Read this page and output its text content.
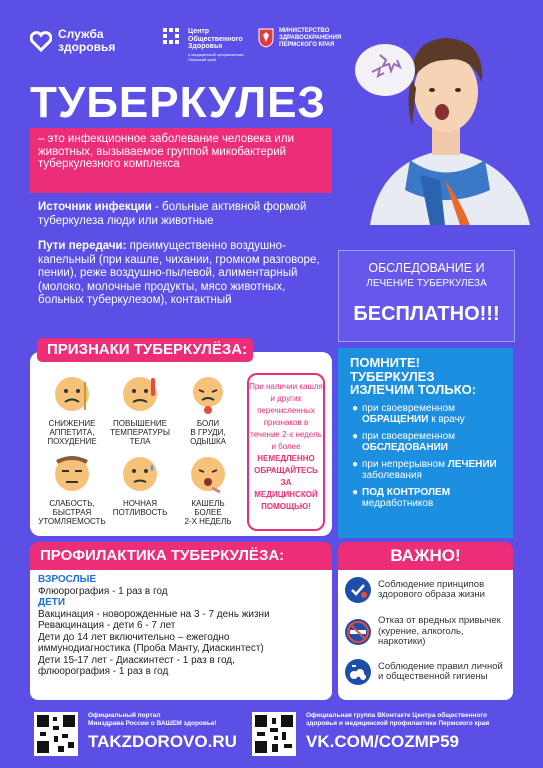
Служба
здоровья
Центр
Общественного
Здоровья
и медицинской профилактики Пермский край
МИНИСТЕРСТВО
ЗДРАВООХРАНЕНИЯ
ПЕРМСКОГО КРАЯ
ТУБЕРКУЛЕЗ
– это инфекционное заболевание человека или животных, вызываемое группой микобактерий туберкулезного комплекса
Источник инфекции - больные активной формой туберкулеза люди или животные
Пути передачи: преимущественно воздушно-капельный (при кашле, чихании, громком разговоре, пении), реже воздушно-пылевой, алиментарный (молоко, молочные продукты, мясо животных, больных туберкулезом), контактный
ОБСЛЕДОВАНИЕ И
ЛЕЧЕНИЕ ТУБЕРКУЛЕЗА
БЕСПЛАТНО!!!
ПРИЗНАКИ ТУБЕРКУЛЁЗА:
СНИЖЕНИЕ
АППЕТИТА,
ПОХУДЕНИЕ
ПОВЫШЕНИЕ
ТЕМПЕРАТУРЫ
ТЕЛА
БОЛИ
В ГРУДИ,
ОДЫШКА
СЛАБОСТЬ,
БЫСТРАЯ
УТОМЛЯЕМОСТЬ
НОЧНАЯ
ПОТЛИВОСТЬ
КАШЕЛЬ
БОЛЕЕ
2-Х НЕДЕЛЬ
При наличии кашля и других перечисленных признаков в течение 2-х недель и более
НЕМЕДЛЕННО ОБРАЩАЙТЕСЬ ЗА МЕДИЦИНСКОЙ ПОМОЩЬЮ!
ПОМНИТЕ!
ТУБЕРКУЛЕЗ
ИЗЛЕЧИМ ТОЛЬКО:
● при своевременном ОБРАЩЕНИИ к врачу
● при своевременном ОБСЛЕДОВАНИИ
● при непрерывном ЛЕЧЕНИИ заболевания
● ПОД КОНТРОЛЕМ медработников
ПРОФИЛАКТИКА ТУБЕРКУЛЁЗА:
ВЗРОСЛЫЕ
Флюорография - 1 раз в год
ДЕТИ
Вакцинация - новорожденные на 3 - 7 день жизни
Ревакцинация - дети 6 - 7 лет
Дети до 14 лет включительно – ежегодно
иммунодиагностика (Проба Манту, Диаскинтест)
Дети 15-17 лет - Диаскинтест - 1 раз в год,
флюорография - 1 раз в год
ВАЖНО!
Соблюдение принципов здорового образа жизни
Отказ от вредных привычек (курение, алкоголь, наркотики)
Соблюдение правил личной и общественной гигиены
Официальный портал
Минздрава России о ВАШЕМ здоровье!
TAKZDOROVO.RU
Официальная группа ВКонтакте Центра общественного
здоровья и медицинской профилактики Пермского края
VK.COM/COZMP59
